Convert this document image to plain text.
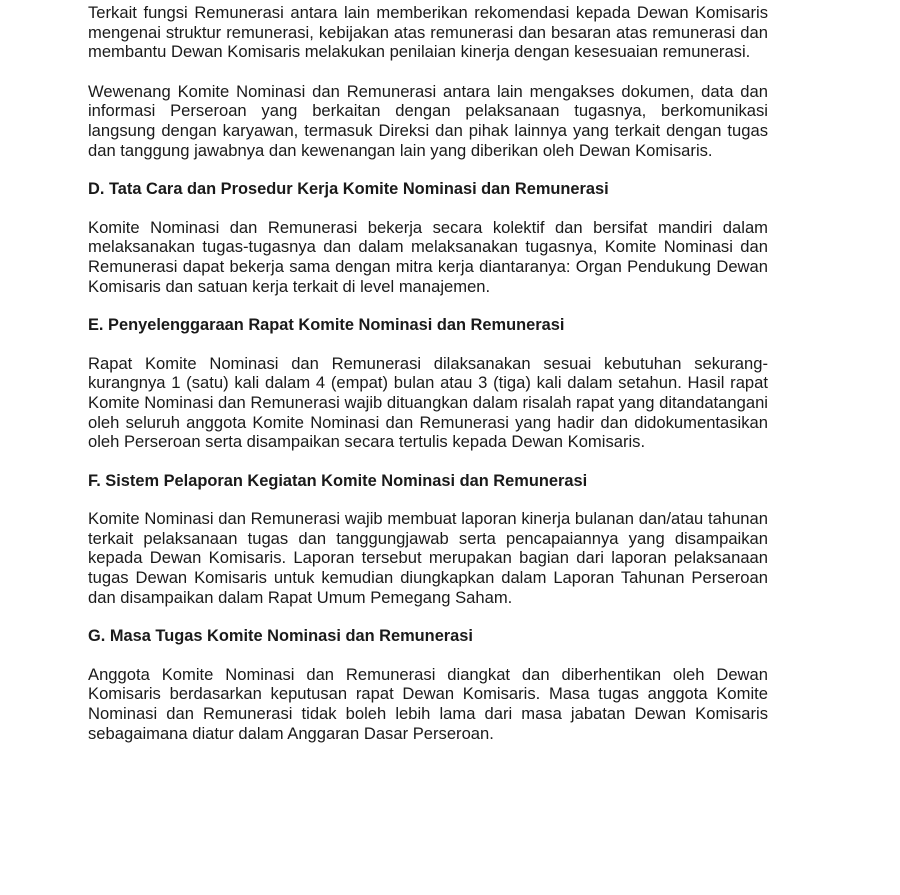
Terkait fungsi Remunerasi antara lain memberikan rekomendasi kepada Dewan Komisaris mengenai struktur remunerasi, kebijakan atas remunerasi dan besaran atas remunerasi dan membantu Dewan Komisaris melakukan penilaian kinerja dengan kesesuaian remunerasi.

Wewenang Komite Nominasi dan Remunerasi antara lain mengakses dokumen, data dan informasi Perseroan yang berkaitan dengan pelaksanaan tugasnya, berkomunikasi langsung dengan karyawan, termasuk Direksi dan pihak lainnya yang terkait dengan tugas dan tanggung jawabnya dan kewenangan lain yang diberikan oleh Dewan Komisaris.

D. Tata Cara dan Prosedur Kerja Komite Nominasi dan Remunerasi

Komite Nominasi dan Remunerasi bekerja secara kolektif dan bersifat mandiri dalam melaksanakan tugas-tugasnya dan dalam melaksanakan tugasnya, Komite Nominasi dan Remunerasi dapat bekerja sama dengan mitra kerja diantaranya: Organ Pendukung Dewan Komisaris dan satuan kerja terkait di level manajemen.

E. Penyelenggaraan Rapat Komite Nominasi dan Remunerasi

Rapat Komite Nominasi dan Remunerasi dilaksanakan sesuai kebutuhan sekurang-kurangnya 1 (satu) kali dalam 4 (empat) bulan atau 3 (tiga) kali dalam setahun. Hasil rapat Komite Nominasi dan Remunerasi wajib dituangkan dalam risalah rapat yang ditandatangani oleh seluruh anggota Komite Nominasi dan Remunerasi yang hadir dan didokumentasikan oleh Perseroan serta disampaikan secara tertulis kepada Dewan Komisaris.

F. Sistem Pelaporan Kegiatan Komite Nominasi dan Remunerasi

Komite Nominasi dan Remunerasi wajib membuat laporan kinerja bulanan dan/atau tahunan terkait pelaksanaan tugas dan tanggungjawab serta pencapaiannya yang disampaikan kepada Dewan Komisaris. Laporan tersebut merupakan bagian dari laporan pelaksanaan tugas Dewan Komisaris untuk kemudian diungkapkan dalam Laporan Tahunan Perseroan dan disampaikan dalam Rapat Umum Pemegang Saham.

G. Masa Tugas Komite Nominasi dan Remunerasi

Anggota Komite Nominasi dan Remunerasi diangkat dan diberhentikan oleh Dewan Komisaris berdasarkan keputusan rapat Dewan Komisaris. Masa tugas anggota Komite Nominasi dan Remunerasi tidak boleh lebih lama dari masa jabatan Dewan Komisaris sebagaimana diatur dalam Anggaran Dasar Perseroan.
